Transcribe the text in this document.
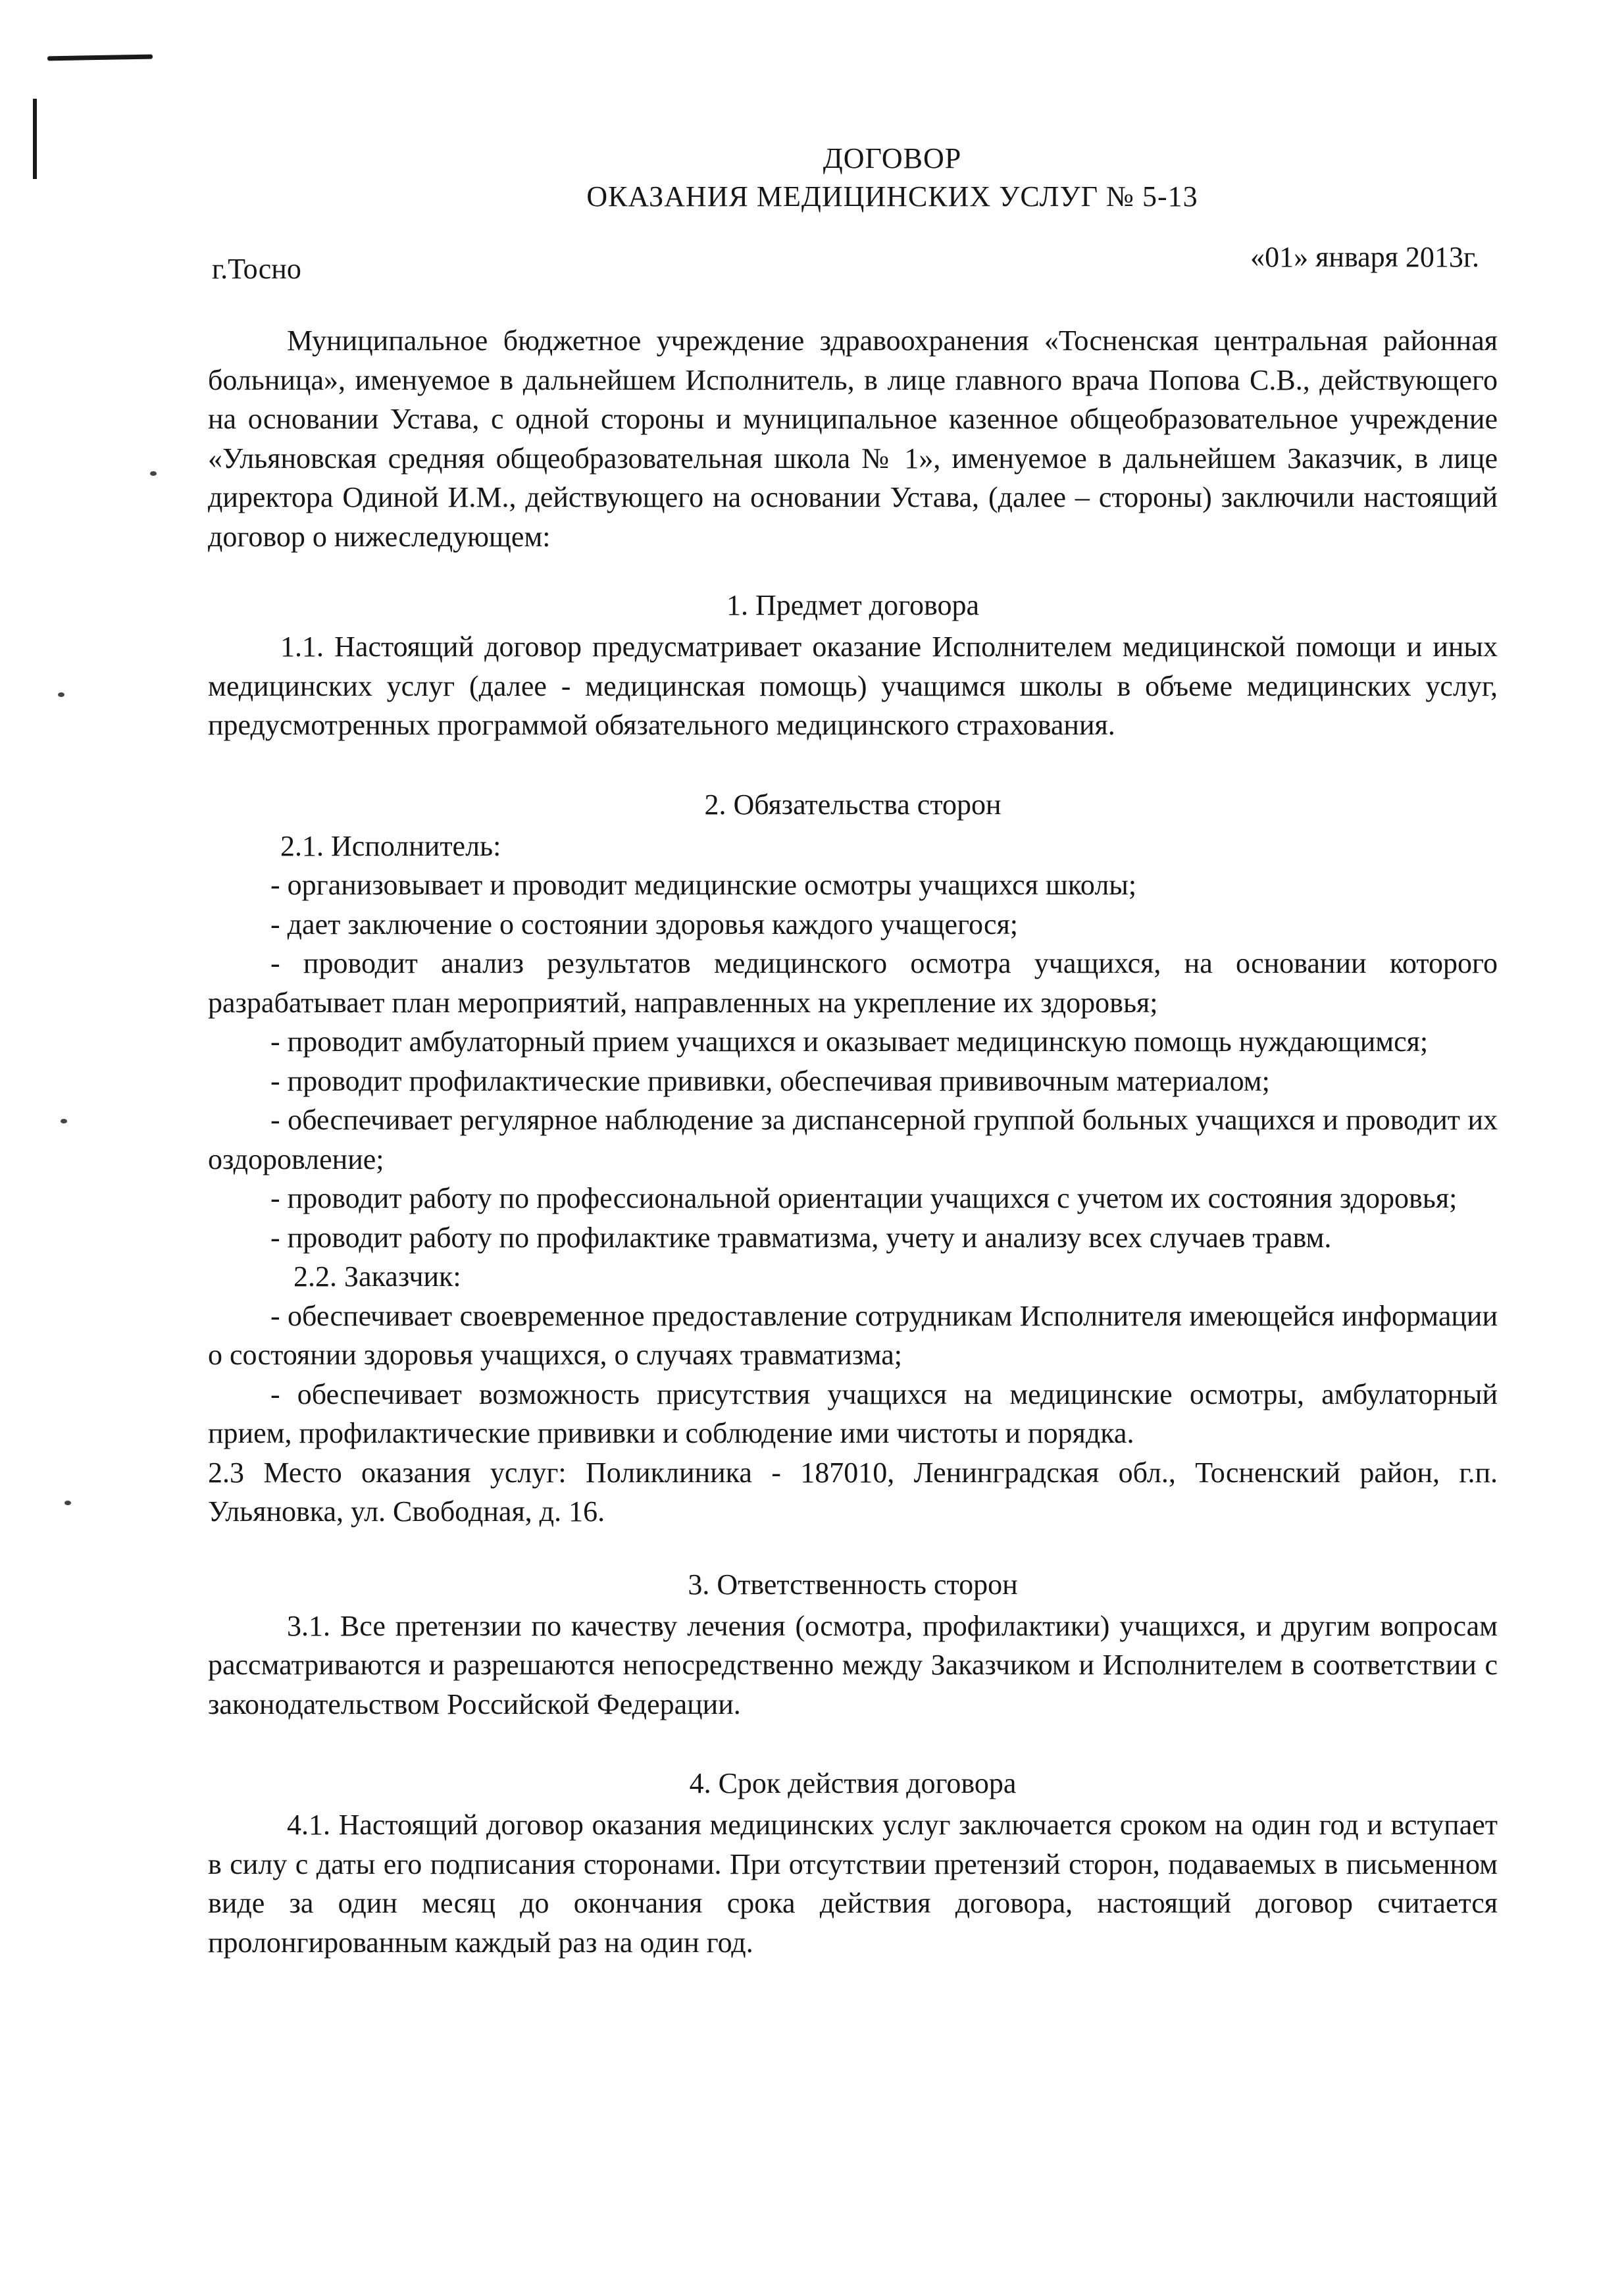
ДОГОВОР
ОКАЗАНИЯ МЕДИЦИНСКИХ УСЛУГ № 5-13
г.Тосно	«01» января 2013г.

Муниципальное бюджетное учреждение здравоохранения «Тосненская центральная районная больница», именуемое в дальнейшем Исполнитель, в лице главного врача Попова С.В., действующего на основании Устава, с одной стороны и муниципальное казенное общеобразовательное учреждение «Ульяновская средняя общеобразовательная школа № 1», именуемое в дальнейшем Заказчик, в лице директора Одиной И.М., действующего на основании Устава, (далее – стороны) заключили настоящий договор о нижеследующем:

1. Предмет договора

1.1. Настоящий договор предусматривает оказание Исполнителем медицинской помощи и иных медицинских услуг (далее - медицинская помощь) учащимся школы в объеме медицинских услуг, предусмотренных программой обязательного медицинского страхования.

2. Обязательства сторон
2.1. Исполнитель:

- организовывает и проводит медицинские осмотры учащихся школы;

- дает заключение о состоянии здоровья каждого учащегося;

- проводит анализ результатов медицинского осмотра учащихся, на основании которого разрабатывает план мероприятий, направленных на укрепление их здоровья;

- проводит амбулаторный прием учащихся и оказывает медицинскую помощь нуждающимся;

- проводит профилактические прививки, обеспечивая прививочным материалом;

- обеспечивает регулярное наблюдение за диспансерной группой больных учащихся и проводит их оздоровление;

- проводит работу по профессиональной ориентации учащихся с учетом их состояния здоровья;

- проводит работу по профилактике травматизма, учету и анализу всех случаев травм.

2.2. Заказчик:

- обеспечивает своевременное предоставление сотрудникам Исполнителя имеющейся информации о состоянии здоровья учащихся, о случаях травматизма;

- обеспечивает возможность присутствия учащихся на медицинские осмотры, амбулаторный прием, профилактические прививки и соблюдение ими чистоты и порядка.

2.3 Место оказания услуг: Поликлиника - 187010, Ленинградская обл., Тосненский район, г.п. Ульяновка, ул. Свободная, д. 16.

3. Ответственность сторон

3.1. Все претензии по качеству лечения (осмотра, профилактики) учащихся, и другим вопросам рассматриваются и разрешаются непосредственно между Заказчиком и Исполнителем в соответствии с законодательством Российской Федерации.

4. Срок действия договора

4.1. Настоящий договор оказания медицинских услуг заключается сроком на один год и вступает в силу с даты его подписания сторонами. При отсутствии претензий сторон, подаваемых в письменном виде за один месяц до окончания срока действия договора, настоящий договор считается пролонгированным каждый раз на один год.
